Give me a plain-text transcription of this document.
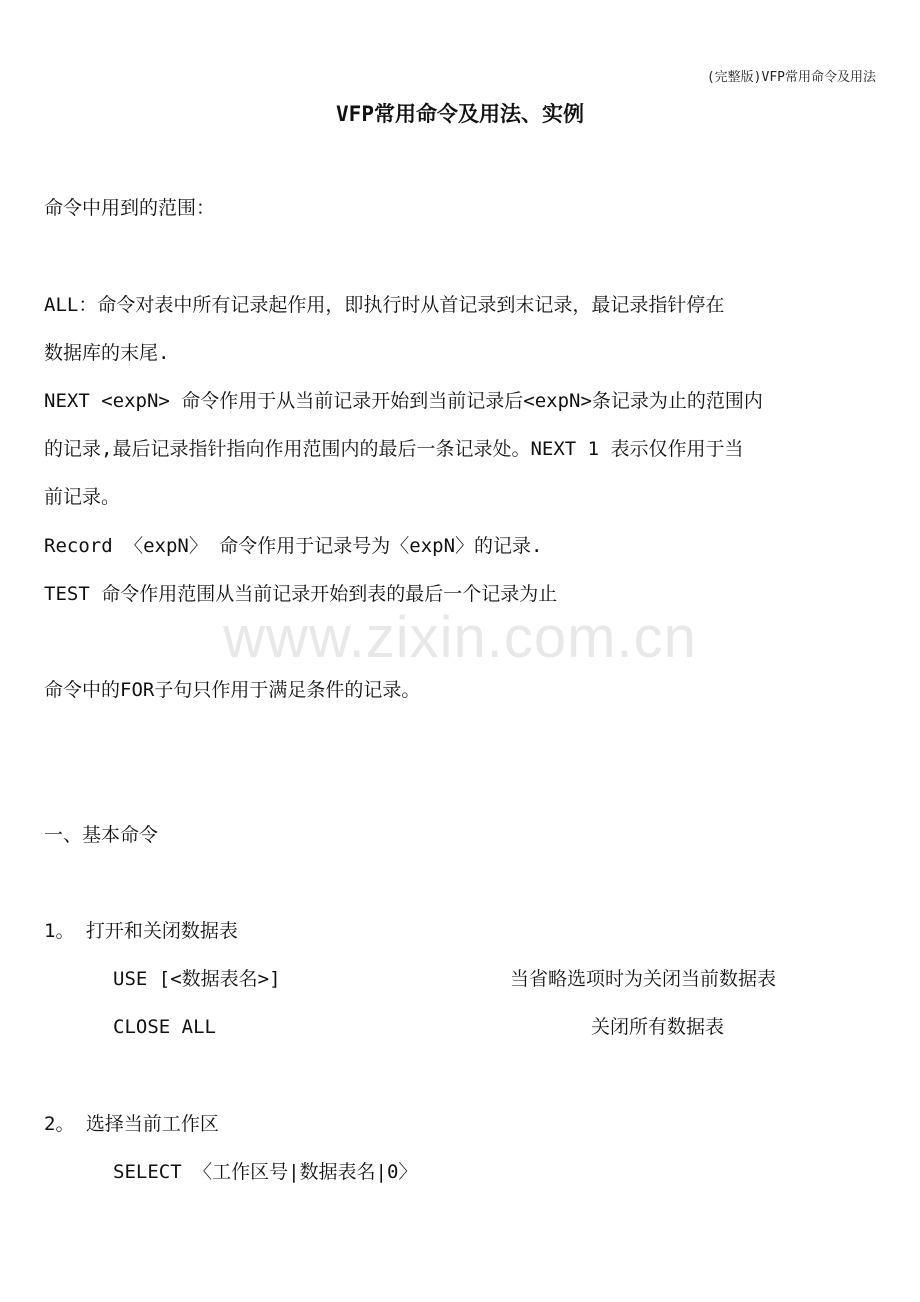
(完整版)VFP常用命令及用法
VFP常用命令及用法、实例
命令中用到的范围：
ALL：命令对表中所有记录起作用，即执行时从首记录到末记录，最记录指针停在
数据库的末尾.
NEXT <expN> 命令作用于从当前记录开始到当前记录后<expN>条记录为止的范围内
的记录,最后记录指针指向作用范围内的最后一条记录处。NEXT 1 表示仅作用于当
前记录。
Record 〈expN〉 命令作用于记录号为〈expN〉的记录.
TEST 命令作用范围从当前记录开始到表的最后一个记录为止
www.zixin.com.cn
命令中的FOR子句只作用于满足条件的记录。
一、基本命令
1。 打开和关闭数据表
USE [<数据表名>]	当省略选项时为关闭当前数据表
CLOSE ALL	关闭所有数据表
2。 选择当前工作区
SELECT 〈工作区号|数据表名|0〉
